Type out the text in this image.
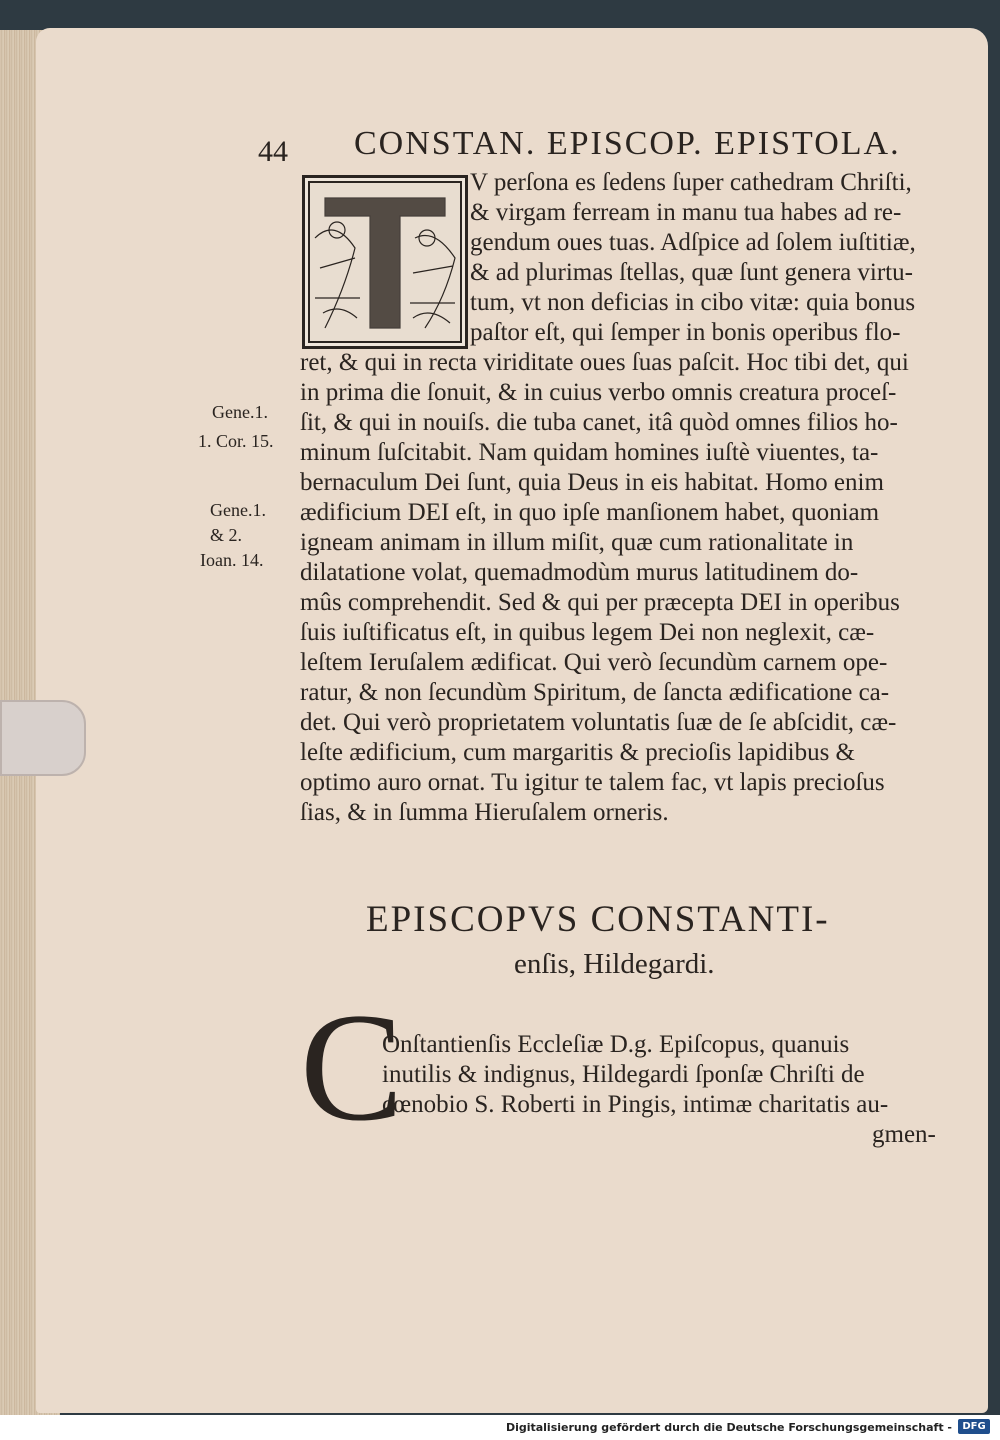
44 CONSTAN. EPISCOP. EPISTOLA.
V perſona es ſedens ſuper cathedram Chriſti,
& virgam ferream in manu tua habes ad re-
gendum oues tuas. Adſpice ad ſolem iuſtitiæ,
& ad plurimas ſtellas, quæ ſunt genera virtu-
tum, vt non deficias in cibo vitæ: quia bonus
paſtor eſt, qui ſemper in bonis operibus flo-
ret, & qui in recta viriditate oues ſuas paſcit. Hoc tibi det, qui
in prima die ſonuit, & in cuius verbo omnis creatura proceſ-
ſit, & qui in nouiſs. die tuba canet, itâ quòd omnes filios ho-
minum ſuſcitabit. Nam quidam homines iuſtè viuentes, ta-
bernaculum Dei ſunt, quia Deus in eis habitat. Homo enim
ædificium DEI eſt, in quo ipſe manſionem habet, quoniam
igneam animam in illum miſit, quæ cum rationalitate in
dilatatione volat, quemadmodùm murus latitudinem do-
mûs comprehendit. Sed & qui per præcepta DEI in operibus
ſuis iuſtificatus eſt, in quibus legem Dei non neglexit, cæ-
leſtem Ieruſalem ædificat. Qui verò ſecundùm carnem ope-
ratur, & non ſecundùm Spiritum, de ſancta ædificatione ca-
det. Qui verò proprietatem voluntatis ſuæ de ſe abſcidit, cæ-
leſte ædificium, cum margaritis & precioſis lapidibus &
optimo auro ornat. Tu igitur te talem fac, vt lapis precioſus
ſias, & in ſumma Hieruſalem orneris.
Gene.1.
1. Cor. 15.
Gene.1.
& 2.
Ioan. 14.
EPISCOPVS CONSTANTI-
enſis, Hildegardi.
C
Onſtantienſis Eccleſiæ D.g. Epiſcopus, quanuis
inutilis & indignus, Hildegardi ſponſæ Chriſti de
cœnobio S. Roberti in Pingis, intimæ charitatis au-
gmen-
Digitalisierung gefördert durch die Deutsche Forschungsgemeinschaft -	DFG
